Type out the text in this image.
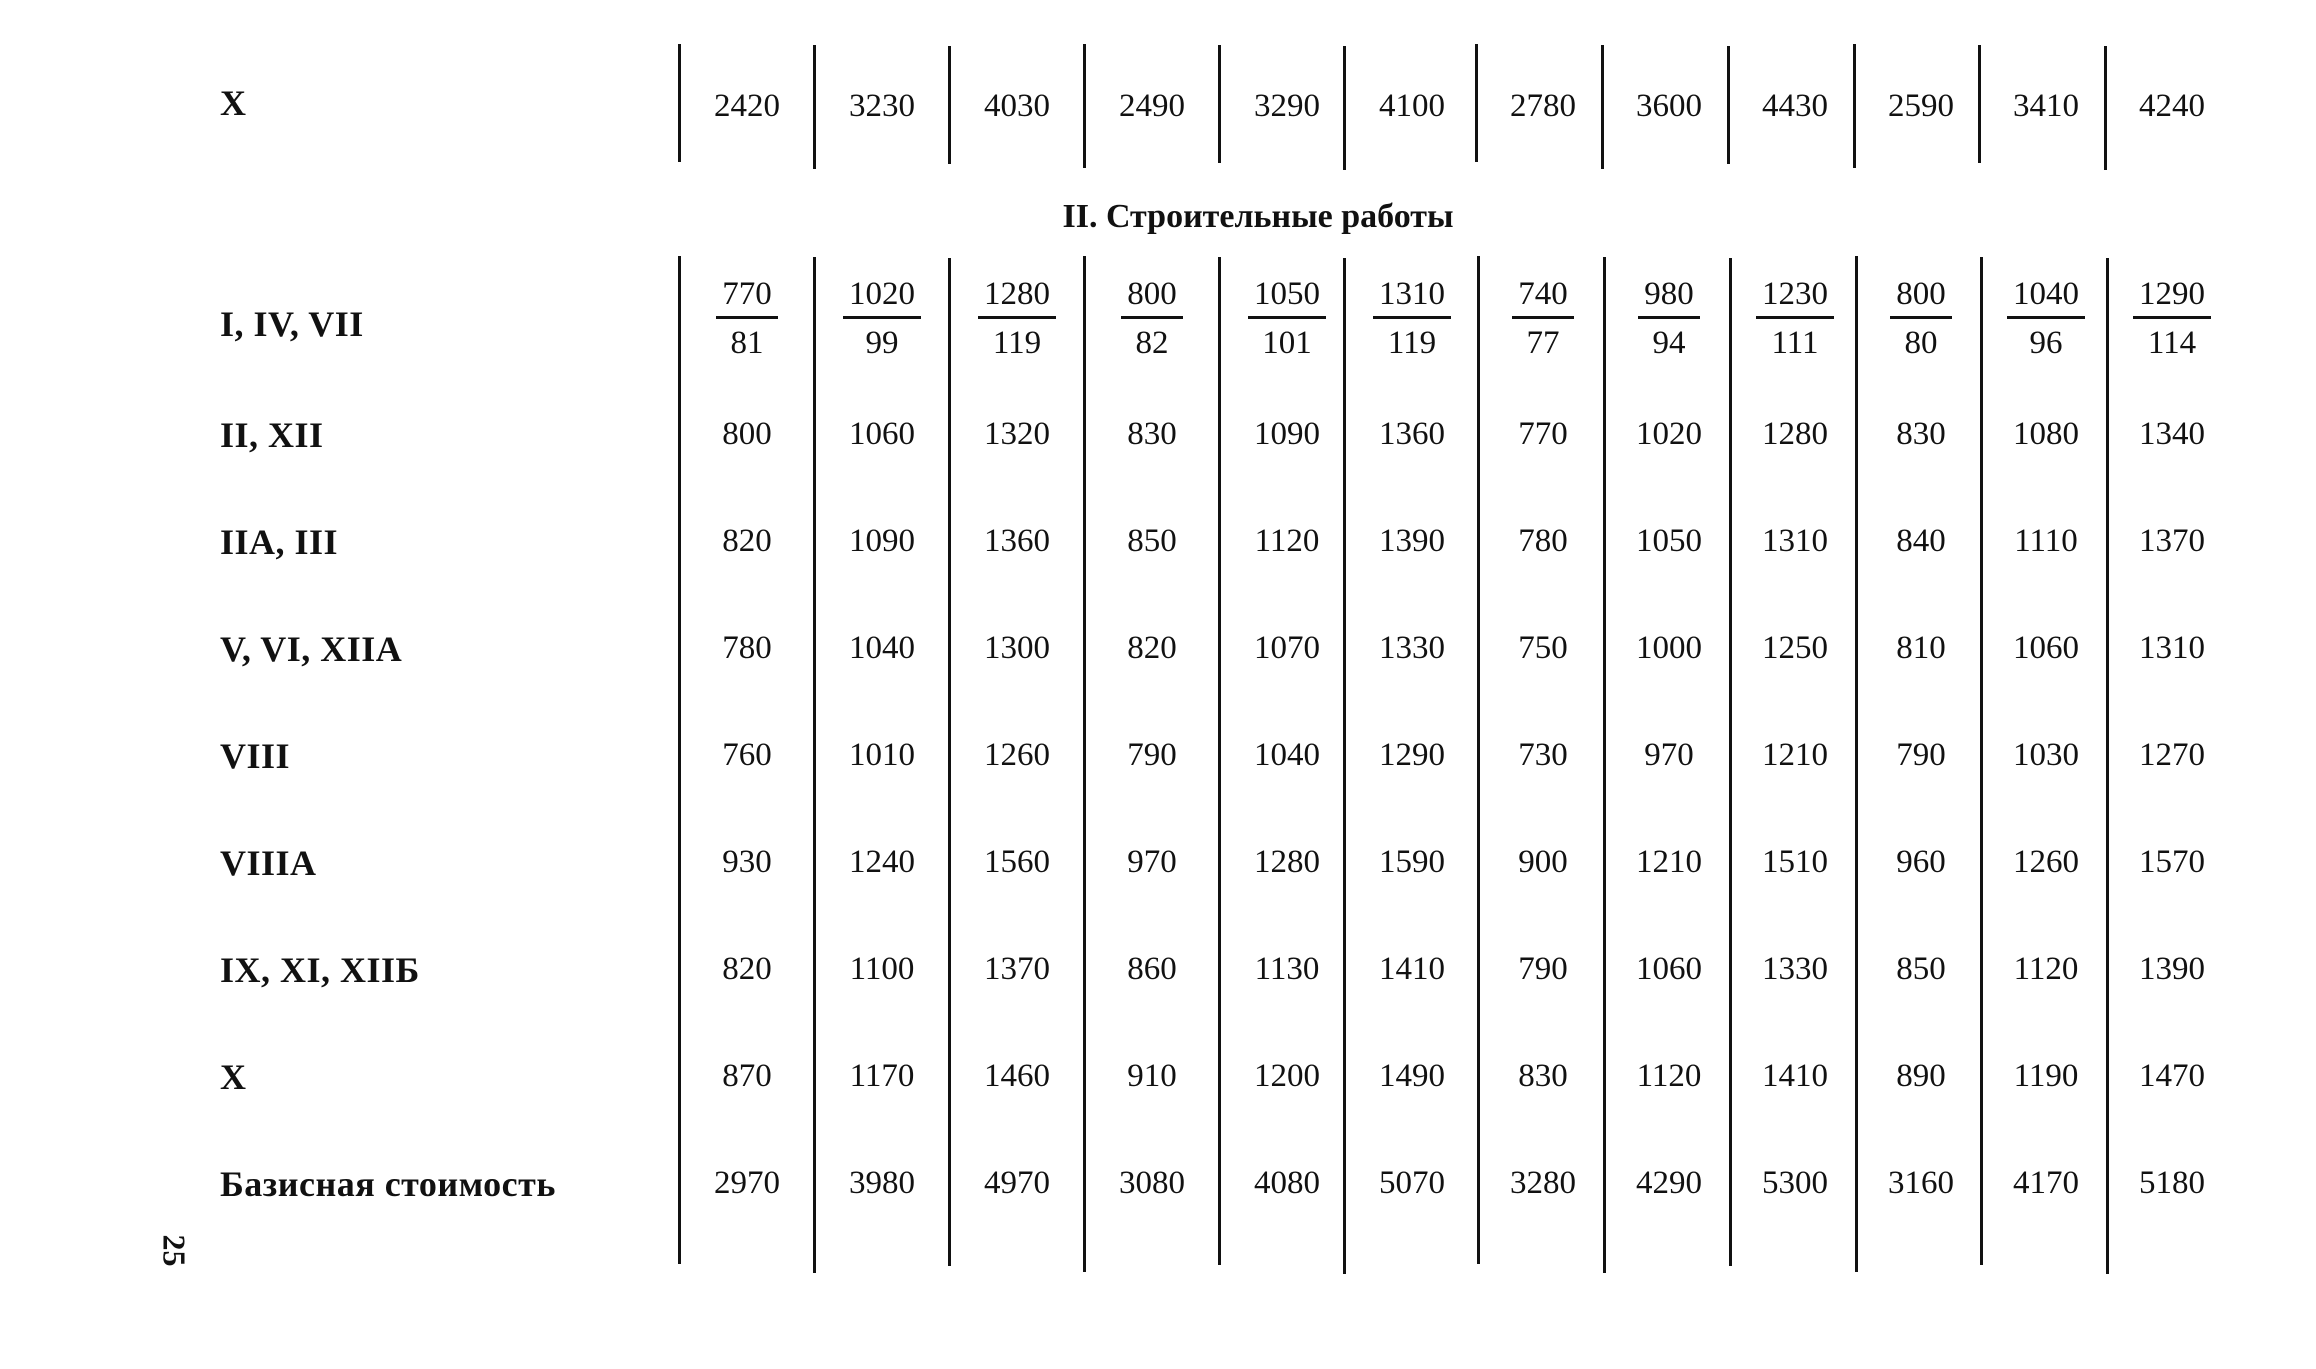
X	2420	3230	4030	2490	3290	4100	2780	3600	4430	2590	3410	4240
II. Строительные работы
I, IV, VII	$\frac{770}{81} \frac{1020}{99} \frac{1280}{119} \frac{800}{82} \frac{1050}{101} \frac{1310}{119} \frac{740}{77} \frac{980}{94} \frac{1230}{111} \frac{800}{80} \frac{1040}{96} \frac{1290}{114}$
II, XII	800	1060	1320	830	1090	1360	770	1020	1280	830	1080	1340
IIA, III	820	1090	1360	850	1120	1390	780	1050	1310	840	1110	1370
V, VI, XIIA	780	1040	1300	820	1070	1330	750	1000	1250	810	1060	1310
VIII	760	1010	1260	790	1040	1290	730	970	1210	790	1030	1270
VIIIA	930	1240	1560	970	1280	1590	900	1210	1510	960	1260	1570
IX, XI, XIIБ	820	1100	1370	860	1130	1410	790	1060	1330	850	1120	1390
X	870	1170	1460	910	1200	1490	830	1120	1410	890	1190	1470
Базисная стоимость	2970	3980	4970	3080	4080	5070	3280	4290	5300	3160	4170	5180
25
